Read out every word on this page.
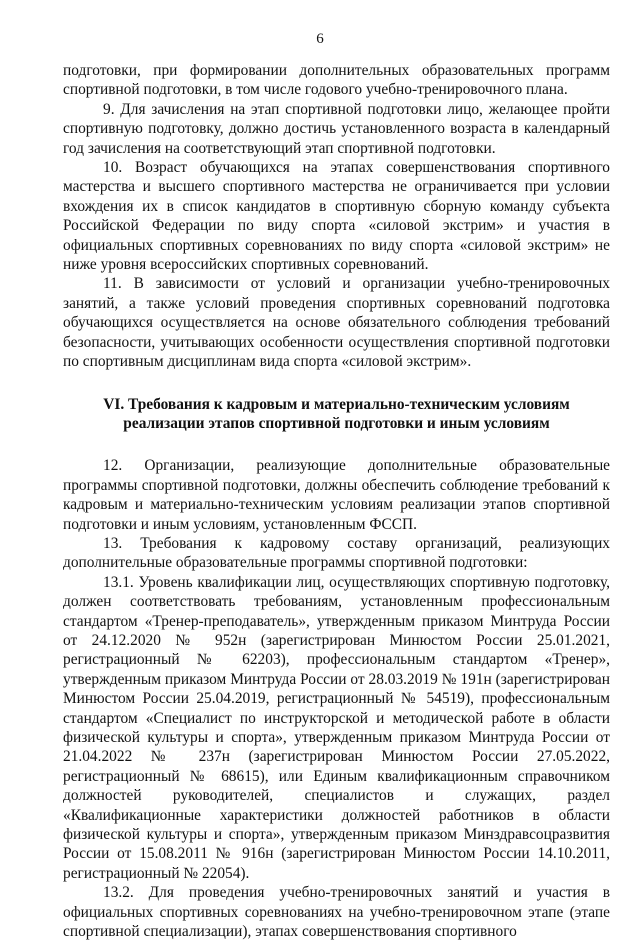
6

подготовки, при формировании дополнительных образовательных программ спортивной подготовки, в том числе годового учебно-тренировочного плана.

9. Для зачисления на этап спортивной подготовки лицо, желающее пройти спортивную подготовку, должно достичь установленного возраста в календарный год зачисления на соответствующий этап спортивной подготовки.

10. Возраст обучающихся на этапах совершенствования спортивного мастерства и высшего спортивного мастерства не ограничивается при условии вхождения их в список кандидатов в спортивную сборную команду субъекта Российской Федерации по виду спорта «силовой экстрим» и участия в официальных спортивных соревнованиях по виду спорта «силовой экстрим» не ниже уровня всероссийских спортивных соревнований.

11. В зависимости от условий и организации учебно-тренировочных занятий, а также условий проведения спортивных соревнований подготовка обучающихся осуществляется на основе обязательного соблюдения требований безопасности, учитывающих особенности осуществления спортивной подготовки по спортивным дисциплинам вида спорта «силовой экстрим».

VI. Требования к кадровым и материально-техническим условиям реализации этапов спортивной подготовки и иным условиям

12. Организации, реализующие дополнительные образовательные программы спортивной подготовки, должны обеспечить соблюдение требований к кадровым и материально-техническим условиям реализации этапов спортивной подготовки и иным условиям, установленным ФССП.

13. Требования к кадровому составу организаций, реализующих дополнительные образовательные программы спортивной подготовки:

13.1. Уровень квалификации лиц, осуществляющих спортивную подготовку, должен соответствовать требованиям, установленным профессиональным стандартом «Тренер-преподаватель», утвержденным приказом Минтруда России от 24.12.2020 № 952н (зарегистрирован Минюстом России 25.01.2021, регистрационный № 62203), профессиональным стандартом «Тренер», утвержденным приказом Минтруда России от 28.03.2019 № 191н (зарегистрирован Минюстом России 25.04.2019, регистрационный № 54519), профессиональным стандартом «Специалист по инструкторской и методической работе в области физической культуры и спорта», утвержденным приказом Минтруда России от 21.04.2022 № 237н (зарегистрирован Минюстом России 27.05.2022, регистрационный № 68615), или Единым квалификационным справочником должностей руководителей, специалистов и служащих, раздел «Квалификационные характеристики должностей работников в области физической культуры и спорта», утвержденным приказом Минздравсоцразвития России от 15.08.2011 № 916н (зарегистрирован Минюстом России 14.10.2011, регистрационный № 22054).

13.2. Для проведения учебно-тренировочных занятий и участия в официальных спортивных соревнованиях на учебно-тренировочном этапе (этапе спортивной специализации), этапах совершенствования спортивного
